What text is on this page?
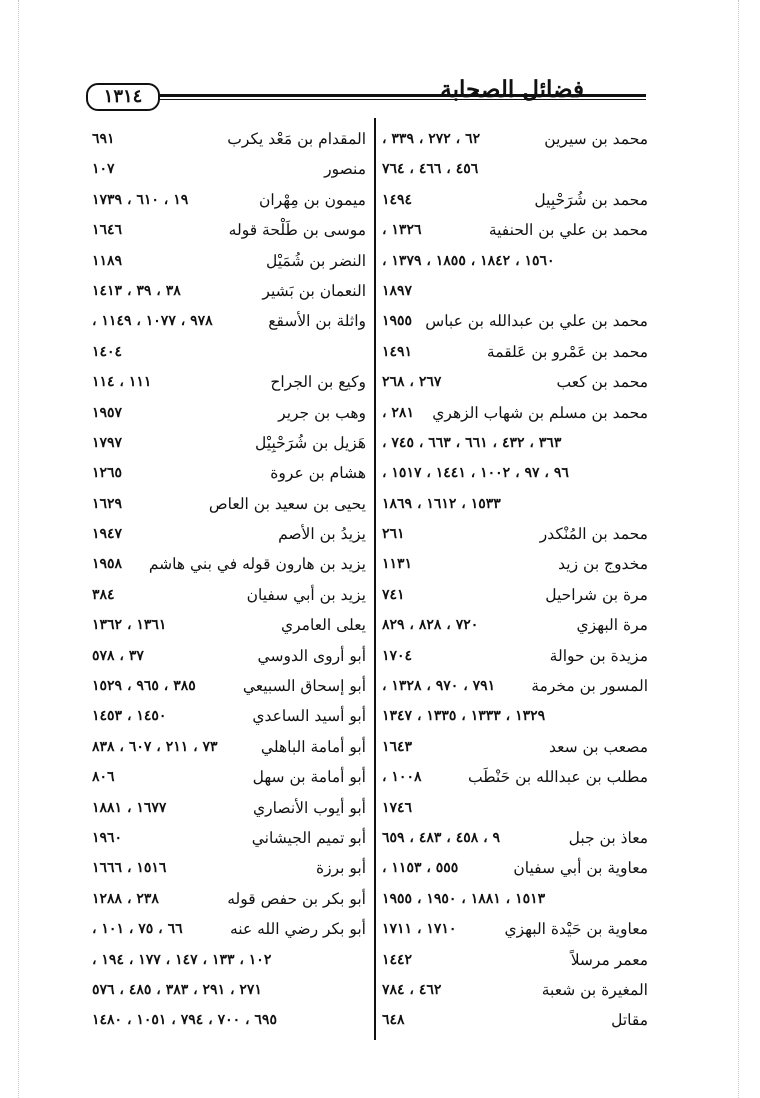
١٣١٤	فضائل الصحابة
محمد بن سيرين
٦٢ ، ٢٧٢ ، ٣٣٩ ،
٤٥٦ ، ٤٦٦ ، ٧٦٤
محمد بن شُرَحْبِيل
١٤٩٤
محمد بن علي بن الحنفية
١٣٢٦ ،
١٥٦٠ ، ١٨٤٢ ، ١٨٥٥ ، ١٣٧٩ ،
١٨٩٧
محمد بن علي بن عبدالله بن عباس
١٩٥٥
محمد بن عَمْرو بن عَلقمة
١٤٩١
محمد بن كعب
٢٦٧ ، ٢٦٨
محمد بن مسلم بن شهاب الزهري
٢٨١ ،
٣٦٣ ، ٤٣٢ ، ٦٦١ ، ٦٦٣ ، ٧٤٥ ،
٩٦ ، ٩٧ ، ١٠٠٢ ، ١٤٤١ ، ١٥١٧ ،
١٥٣٣ ، ١٦١٢ ، ١٨٦٩
محمد بن المُنْكدر
٢٦١
مخدوج بن زيد
١١٣١
مرة بن شراحيل
٧٤١
مرة البهزي
٧٢٠ ، ٨٢٨ ، ٨٢٩
مزيدة بن حوالة
١٧٠٤
المسور بن مخرمة
٧٩١ ، ٩٧٠ ، ١٣٢٨ ،
١٣٢٩ ، ١٣٣٣ ، ١٣٣٥ ، ١٣٤٧
مصعب بن سعد
١٦٤٣
مطلب بن عبدالله بن حَنْطَب
١٠٠٨ ،
١٧٤٦
معاذ بن جبل
٩ ، ٤٥٨ ، ٤٨٣ ، ٦٥٩
معاوية بن أبي سفيان
٥٥٥ ، ١١٥٣ ،
١٥١٣ ، ١٨٨١ ، ١٩٥٠ ، ١٩٥٥
معاوية بن حَيْدة البهزي
١٧١٠ ، ١٧١١
معمر مرسلاً
١٤٤٢
المغيرة بن شعبة
٤٦٢ ، ٧٨٤
مقاتل
٦٤٨
المقدام بن مَعْد يكرب
٦٩١
منصور
١٠٧
ميمون بن مِهْران
١٩ ، ٦١٠ ، ١٧٣٩
موسى بن طَلْحة قوله
١٦٤٦
النضر بن شُمَيْل
١١٨٩
النعمان بن بَشير
٣٨ ، ٣٩ ، ١٤١٣
واثلة بن الأسقع
٩٧٨ ، ١٠٧٧ ، ١١٤٩ ،
١٤٠٤
وكيع بن الجراح
١١١ ، ١١٤
وهب بن جرير
١٩٥٧
هَزيل بن شُرَحْبِيْل
١٧٩٧
هشام بن عروة
١٢٦٥
يحيى بن سعيد بن العاص
١٦٢٩
يزيدُ بن الأصم
١٩٤٧
يزيد بن هارون قوله في بني هاشم
١٩٥٨
يزيد بن أبي سفيان
٣٨٤
يعلى العامري
١٣٦١ ، ١٣٦٢
أبو أروى الدوسي
٣٧ ، ٥٧٨
أبو إسحاق السبيعي
٣٨٥ ، ٩٦٥ ، ١٥٢٩
أبو أسيد الساعدي
١٤٥٠ ، ١٤٥٣
أبو أمامة الباهلي
٧٣ ، ٢١١ ، ٦٠٧ ، ٨٣٨
أبو أمامة بن سهل
٨٠٦
أبو أيوب الأنصاري
١٦٧٧ ، ١٨٨١
أبو تميم الجيشاني
١٩٦٠
أبو برزة
١٥١٦ ، ١٦٦٦
أبو بكر بن حفص قوله
٢٣٨ ، ١٢٨٨
أبو بكر رضي الله عنه
٦٦ ، ٧٥ ، ١٠١ ،
١٠٢ ، ١٣٣ ، ١٤٧ ، ١٧٧ ، ١٩٤ ،
٢٧١ ، ٢٩١ ، ٣٨٣ ، ٤٨٥ ، ٥٧٦
٦٩٥ ، ٧٠٠ ، ٧٩٤ ، ١٠٥١ ، ١٤٨٠
